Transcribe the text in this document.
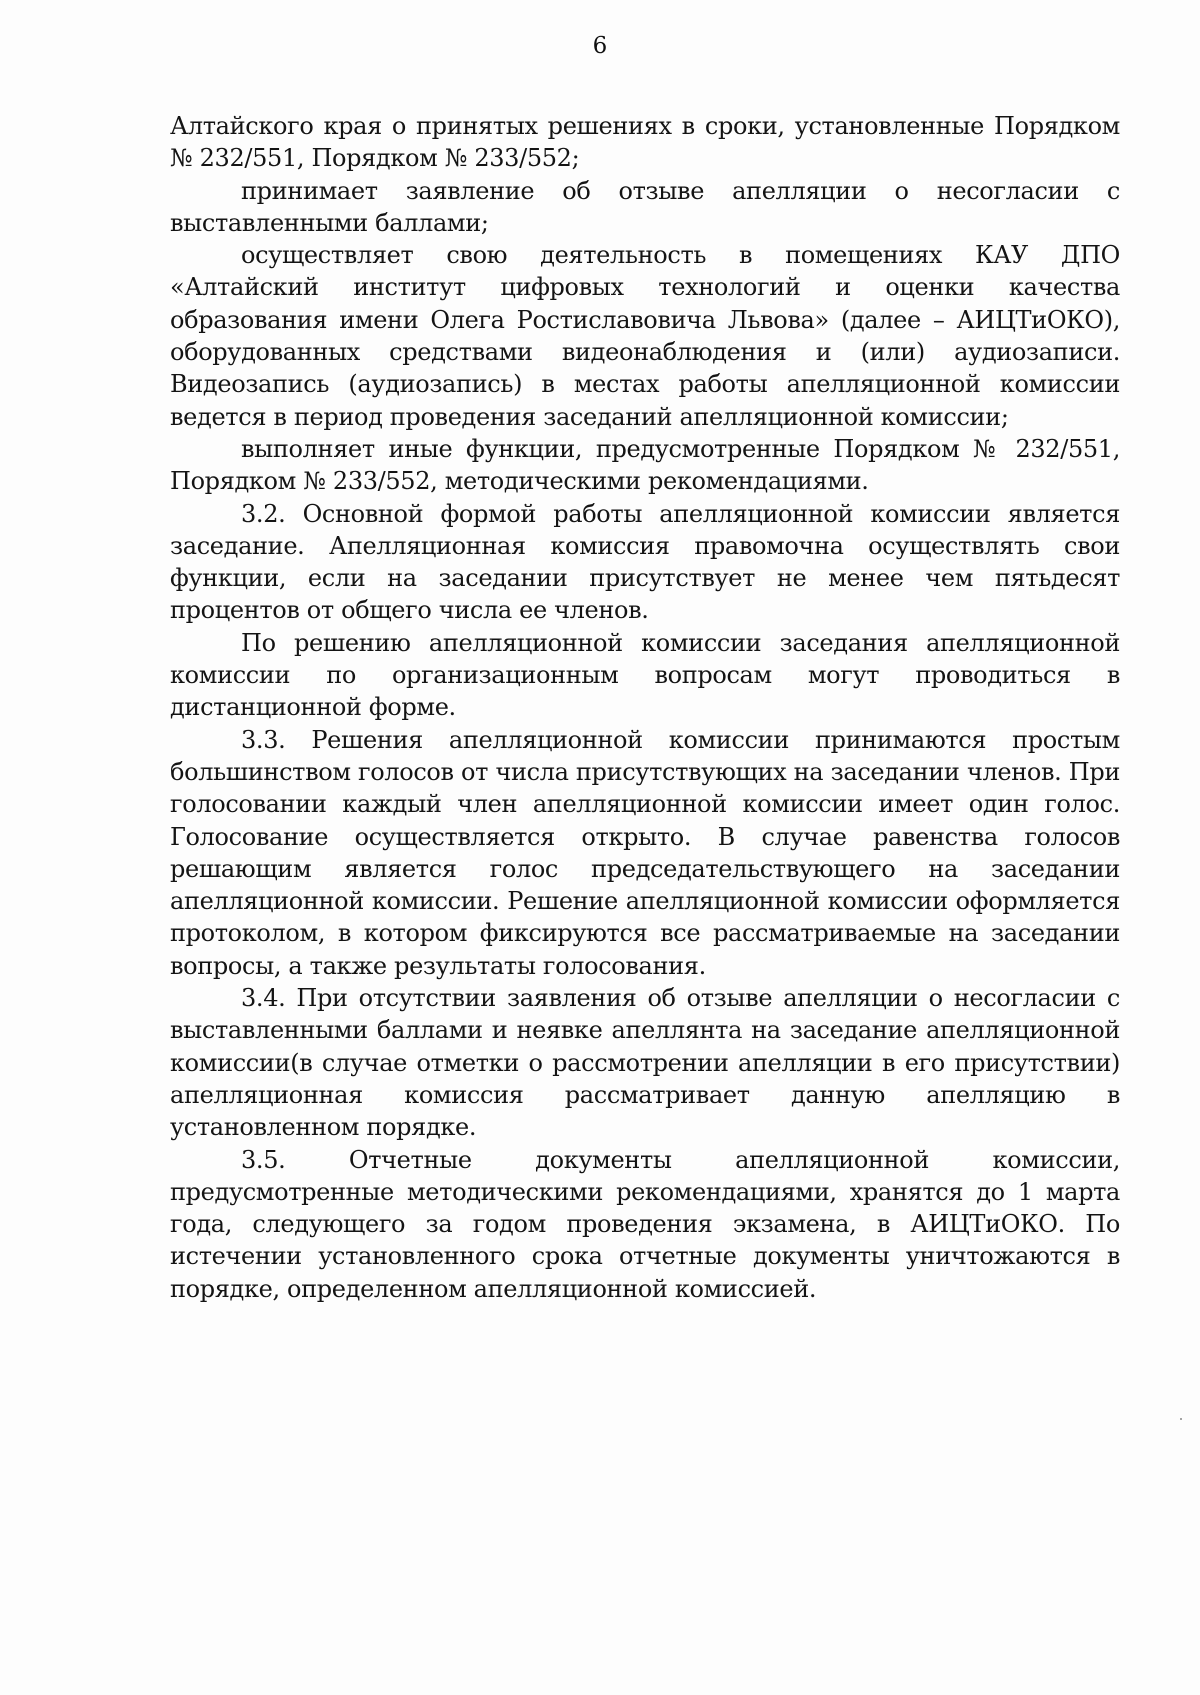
6

Алтайского края о принятых решениях в сроки, установленные Порядком № 232/551, Порядком № 233/552;

принимает заявление об отзыве апелляции о несогласии с выставленными баллами;

осуществляет свою деятельность в помещениях КАУ ДПО «Алтайский институт цифровых технологий и оценки качества образования имени Олега Ростиславовича Львова» (далее – АИЦТиОКО), оборудованных средствами видеонаблюдения и (или) аудиозаписи. Видеозапись (аудиозапись) в местах работы апелляционной комиссии ведется в период проведения заседаний апелляционной комиссии;

выполняет иные функции, предусмотренные Порядком № 232/551, Порядком № 233/552, методическими рекомендациями.

3.2. Основной формой работы апелляционной комиссии является заседание. Апелляционная комиссия правомочна осуществлять свои функции, если на заседании присутствует не менее чем пятьдесят процентов от общего числа ее членов.

По решению апелляционной комиссии заседания апелляционной комиссии по организационным вопросам могут проводиться в дистанционной форме.

3.3. Решения апелляционной комиссии принимаются простым большинством голосов от числа присутствующих на заседании членов. При голосовании каждый член апелляционной комиссии имеет один голос. Голосование осуществляется открыто. В случае равенства голосов решающим является голос председательствующего на заседании апелляционной комиссии. Решение апелляционной комиссии оформляется протоколом, в котором фиксируются все рассматриваемые на заседании вопросы, а также результаты голосования.

3.4. При отсутствии заявления об отзыве апелляции о несогласии с выставленными баллами и неявке апеллянта на заседание апелляционной комиссии(в случае отметки о рассмотрении апелляции в его присутствии) апелляционная комиссия рассматривает данную апелляцию в установленном порядке.

3.5. Отчетные документы апелляционной комиссии, предусмотренные методическими рекомендациями, хранятся до 1 марта года, следующего за годом проведения экзамена, в АИЦТиОКО. По истечении установленного срока отчетные документы уничтожаются в порядке, определенном апелляционной комиссией.
